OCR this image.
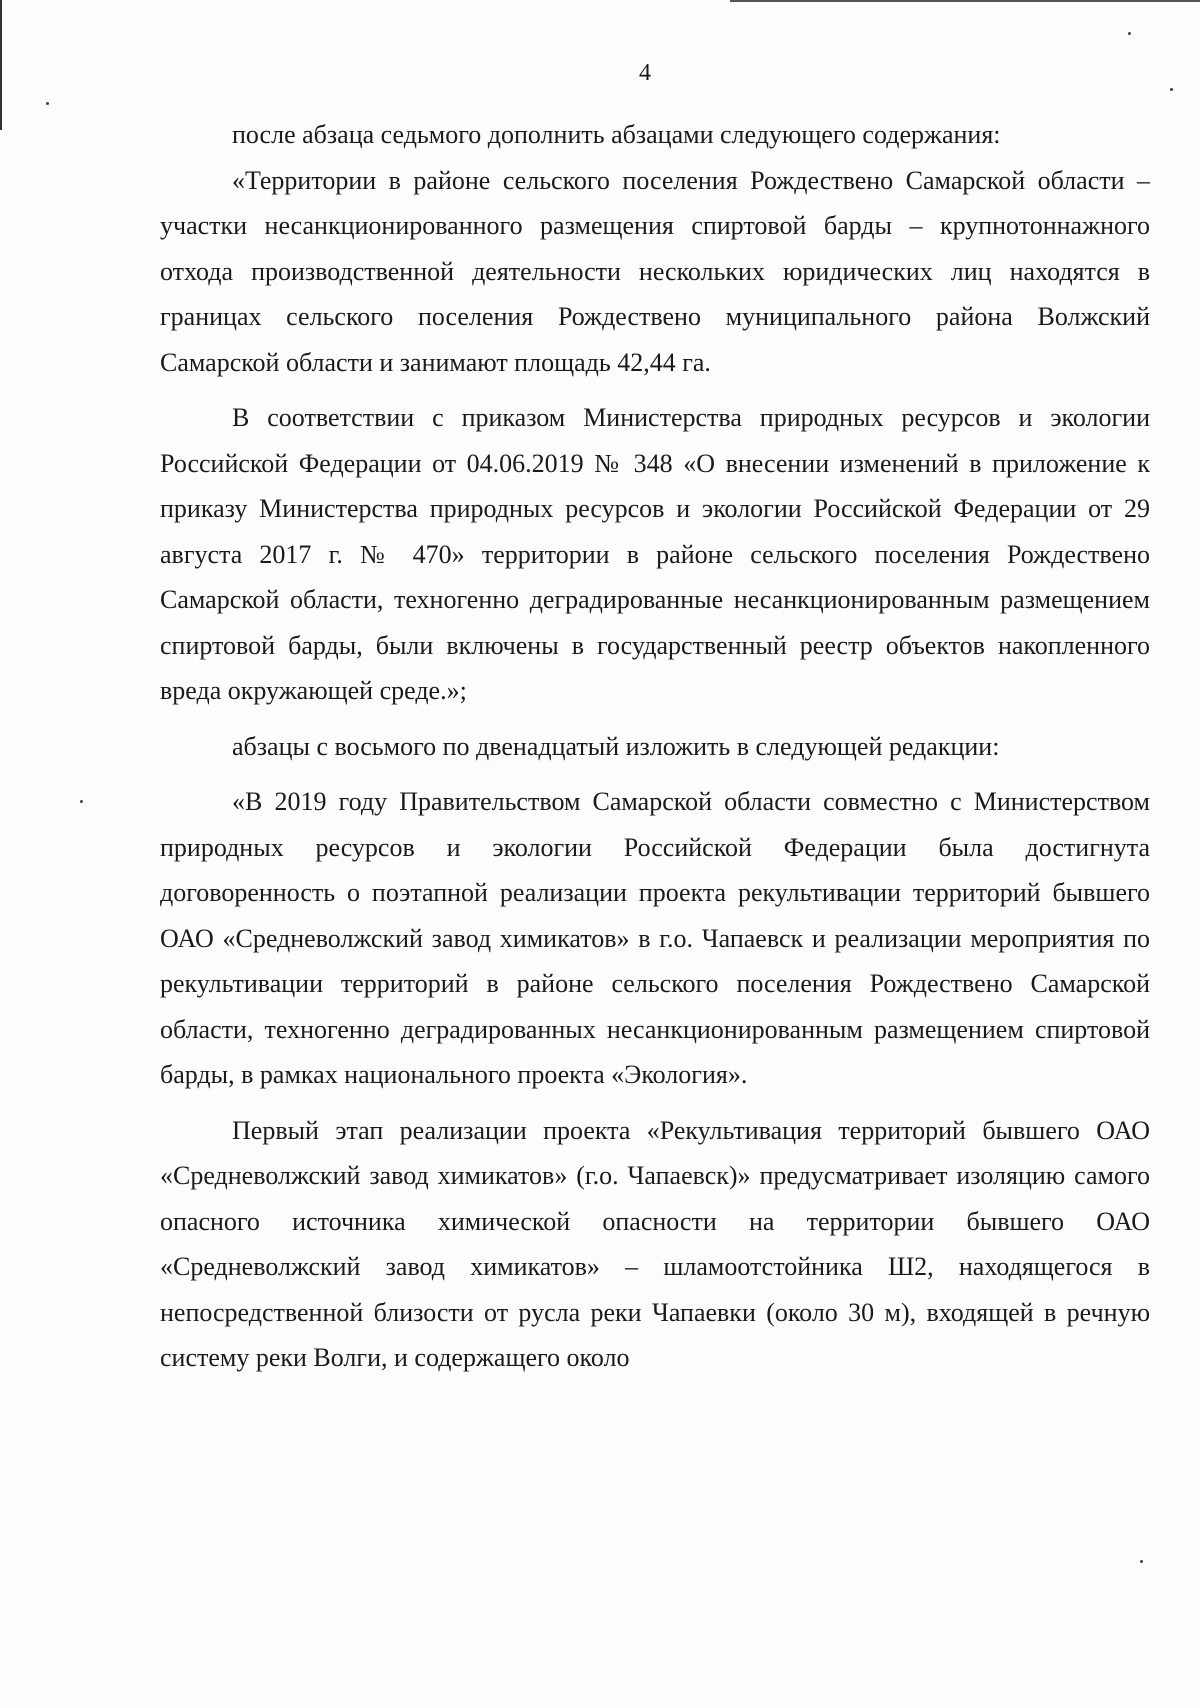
4

после абзаца седьмого дополнить абзацами следующего содержания:

«Территории в районе сельского поселения Рождествено Самарской области – участки несанкционированного размещения спиртовой барды – крупнотоннажного отхода производственной деятельности нескольких юридических лиц находятся в границах сельского поселения Рождествено муниципального района Волжский Самарской области и занимают площадь 42,44 га.

В соответствии с приказом Министерства природных ресурсов и экологии Российской Федерации от 04.06.2019 № 348 «О внесении изменений в приложение к приказу Министерства природных ресурсов и экологии Российской Федерации от 29 августа 2017 г. № 470» территории в районе сельского поселения Рождествено Самарской области, техногенно деградированные несанкционированным размещением спиртовой барды, были включены в государственный реестр объектов накопленного вреда окружающей среде.»;

абзацы с восьмого по двенадцатый изложить в следующей редакции:

«В 2019 году Правительством Самарской области совместно с Министерством природных ресурсов и экологии Российской Федерации была достигнута договоренность о поэтапной реализации проекта рекультивации территорий бывшего ОАО «Средневолжский завод химикатов» в г.о. Чапаевск и реализации мероприятия по рекультивации территорий в районе сельского поселения Рождествено Самарской области, техногенно деградированных несанкционированным размещением спиртовой барды, в рамках национального проекта «Экология».

Первый этап реализации проекта «Рекультивация территорий бывшего ОАО «Средневолжский завод химикатов» (г.о. Чапаевск)» предусматривает изоляцию самого опасного источника химической опасности на территории бывшего ОАО «Средневолжский завод химикатов» – шламоотстойника Ш2, находящегося в непосредственной близости от русла реки Чапаевки (около 30 м), входящей в речную систему реки Волги, и содержащего около
